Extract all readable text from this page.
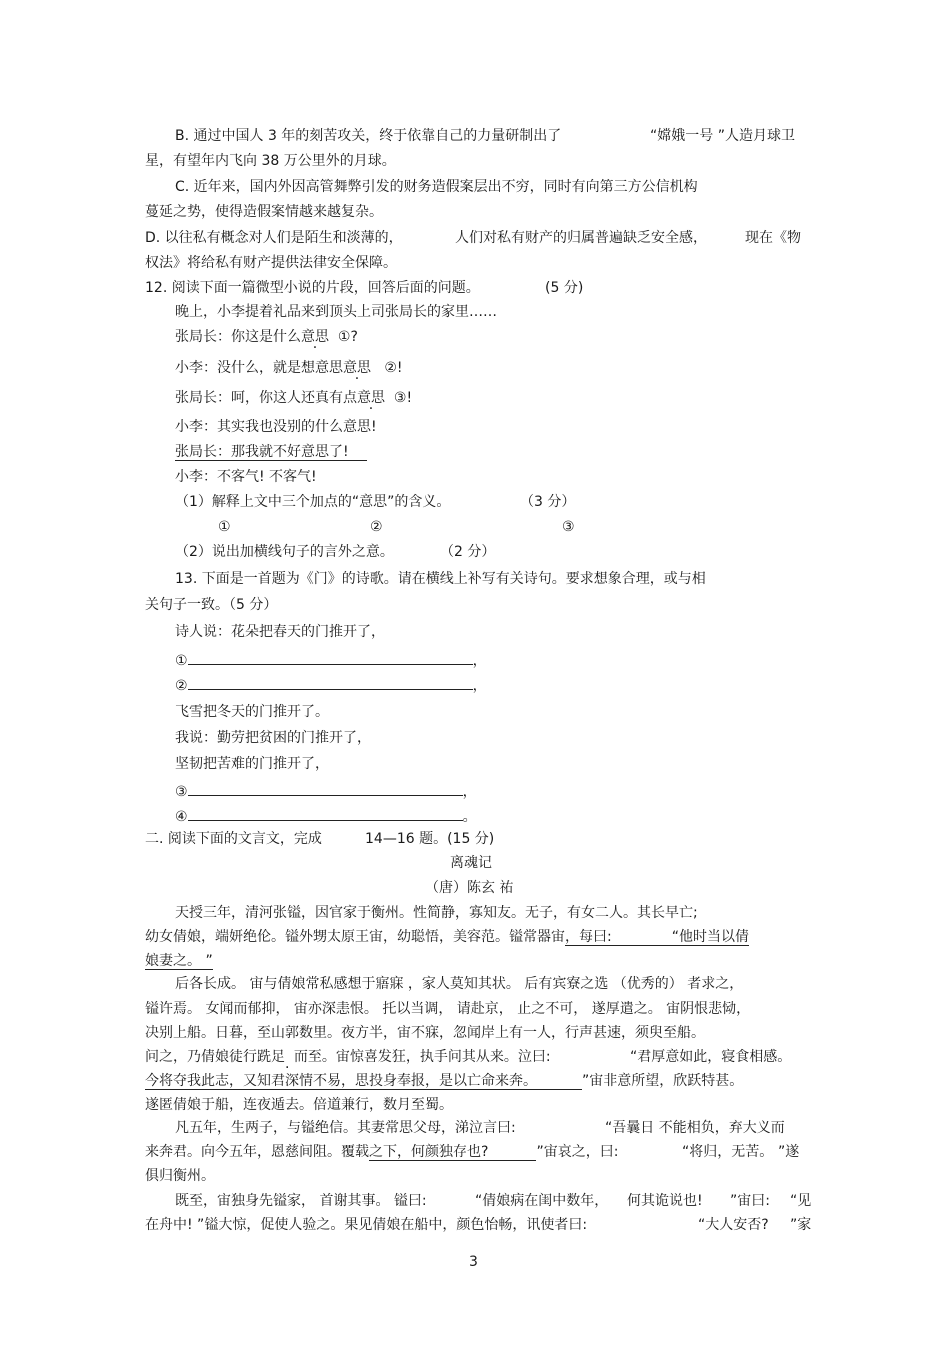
B. 通过中国人 3 年的刻苦攻关，终于依靠自己的力量研制出了	“嫦娥一号 ”人造月球卫
星，有望年内飞向 38 万公里外的月球。
C. 近年来，国内外因高管舞弊引发的财务造假案层出不穷，同时有向第三方公信机构
蔓延之势，使得造假案情越来越复杂。
D. 以往私有概念对人们是陌生和淡薄的，	人们对私有财产的归属普遍缺乏安全感，	现在《物
权法》将给私有财产提供法律安全保障。
12. 阅读下面一篇微型小说的片段，回答后面的问题。	(5 分)
晚上，小李提着礼品来到顶头上司张局长的家里……
张局长：你这是什么意思 ①?
小李：没什么，就是想意思意思 ②!
张局长：呵，你这人还真有点意思 ③!
小李：其实我也没别的什么意思!
张局长：那我就不好意思了!
小李：不客气! 不客气!
（1）解释上文中三个加点的“意思”的含义。	（3 分）
①	②	③
（2）说出加横线句子的言外之意。	（2 分）
13. 下面是一首题为《门》的诗歌。请在横线上补写有关诗句。要求想象合理，或与相
关句子一致。（5 分）
诗人说：花朵把春天的门推开了，
①	，
②	，
飞雪把冬天的门推开了。
我说：勤劳把贫困的门推开了，
坚韧把苦难的门推开了，
③	，
④	。
二. 阅读下面的文言文，完成	14—16 题。(15 分)
离魂记
（唐）陈玄 祐
天授三年，清河张镒，因官家于衡州。性简静，寡知友。无子，有女二人。其长早亡;
幼女倩娘，端妍绝伦。镒外甥太原王宙，幼聪悟，美容范。镒常器宙，每曰:	“他时当以倩
娘妻之。 ”
后各长成。 宙与倩娘常私感想于寤寐 ，家人莫知其状。 后有宾寮之选 （优秀的） 者求之，
镒许焉。 女闻而郁抑， 宙亦深恚恨。 托以当调， 请赴京， 止之不可， 遂厚遣之。 宙阴恨悲恸，
决别上船。日暮，至山郭数里。夜方半，宙不寐，忽闻岸上有一人，行声甚速，须臾至船。
问之，乃倩娘徒行跣足  · 而至。宙惊喜发狂，执手问其从来。泣曰:	“君厚意如此，寝食相感。
今将夺我此志，又知君深情不易，思投身奉报，是以亡命来奔。	”宙非意所望，欣跃特甚。
遂匿倩娘于船，连夜遁去。倍道兼行，数月至蜀。
凡五年，生两子，与镒绝信。其妻常思父母，涕泣言曰:	“吾曩日 不能相负，弃大义而
来奔君。向今五年，恩慈间阻。覆载之下，何颜独存也?	”宙哀之，曰:	“将归，无苦。 ”遂
俱归衡州。
既至，宙独身先镒家， 首谢其事。 镒曰:	“倩娘病在闺中数年， 何其诡说也! ”宙曰: “见
在舟中! ”镒大惊，促使人验之。果见倩娘在船中，颜色怡畅，讯使者曰:	“大人安否? ”家
3
